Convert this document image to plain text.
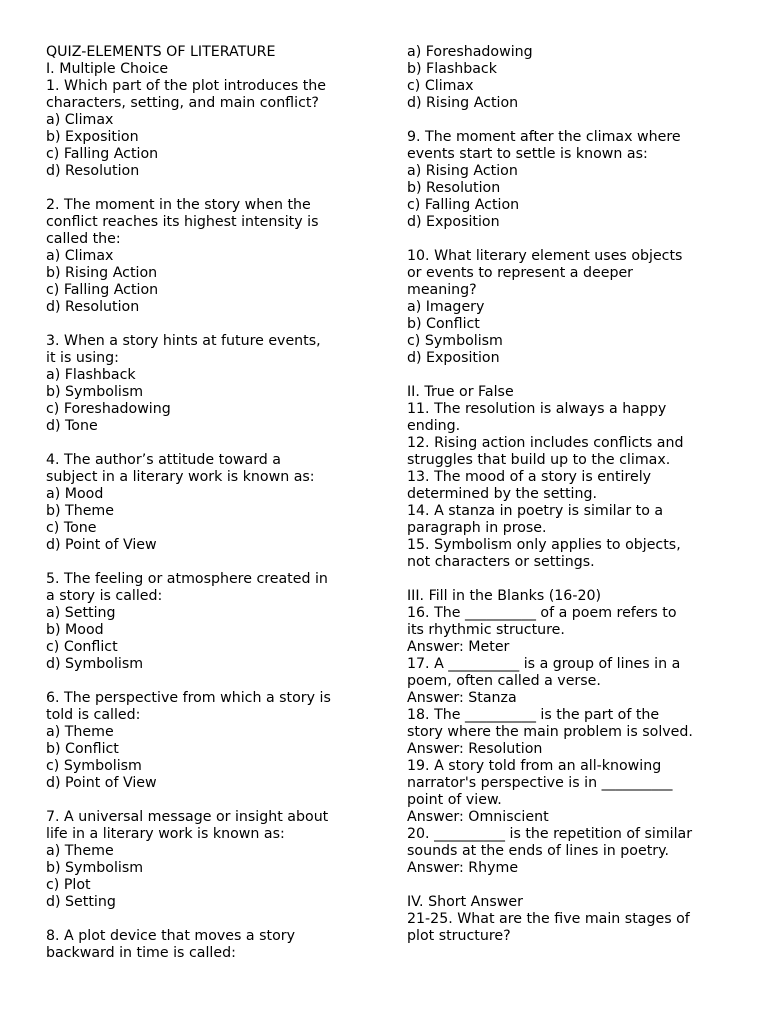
QUIZ-ELEMENTS OF LITERATURE
I. Multiple Choice
1. Which part of the plot introduces the
characters, setting, and main conflict?
a) Climax
b) Exposition
c) Falling Action
d) Resolution
2. The moment in the story when the
conflict reaches its highest intensity is
called the:
a) Climax
b) Rising Action
c) Falling Action
d) Resolution
3. When a story hints at future events,
it is using:
a) Flashback
b) Symbolism
c) Foreshadowing
d) Tone
4. The author’s attitude toward a
subject in a literary work is known as:
a) Mood
b) Theme
c) Tone
d) Point of View
5. The feeling or atmosphere created in
a story is called:
a) Setting
b) Mood
c) Conflict
d) Symbolism
6. The perspective from which a story is
told is called:
a) Theme
b) Conflict
c) Symbolism
d) Point of View
7. A universal message or insight about
life in a literary work is known as:
a) Theme
b) Symbolism
c) Plot
d) Setting
8. A plot device that moves a story
backward in time is called:
a) Foreshadowing
b) Flashback
c) Climax
d) Rising Action
9. The moment after the climax where
events start to settle is known as:
a) Rising Action
b) Resolution
c) Falling Action
d) Exposition
10. What literary element uses objects
or events to represent a deeper
meaning?
a) Imagery
b) Conflict
c) Symbolism
d) Exposition
II. True or False
11. The resolution is always a happy
ending.
12. Rising action includes conflicts and
struggles that build up to the climax.
13. The mood of a story is entirely
determined by the setting.
14. A stanza in poetry is similar to a
paragraph in prose.
15. Symbolism only applies to objects,
not characters or settings.
III. Fill in the Blanks (16-20)
16. The __________ of a poem refers to
its rhythmic structure.
Answer: Meter
17. A __________ is a group of lines in a
poem, often called a verse.
Answer: Stanza
18. The __________ is the part of the
story where the main problem is solved.
Answer: Resolution
19. A story told from an all-knowing
narrator's perspective is in __________
point of view.
Answer: Omniscient
20. __________ is the repetition of similar
sounds at the ends of lines in poetry.
Answer: Rhyme
IV. Short Answer
21-25. What are the five main stages of
plot structure?
